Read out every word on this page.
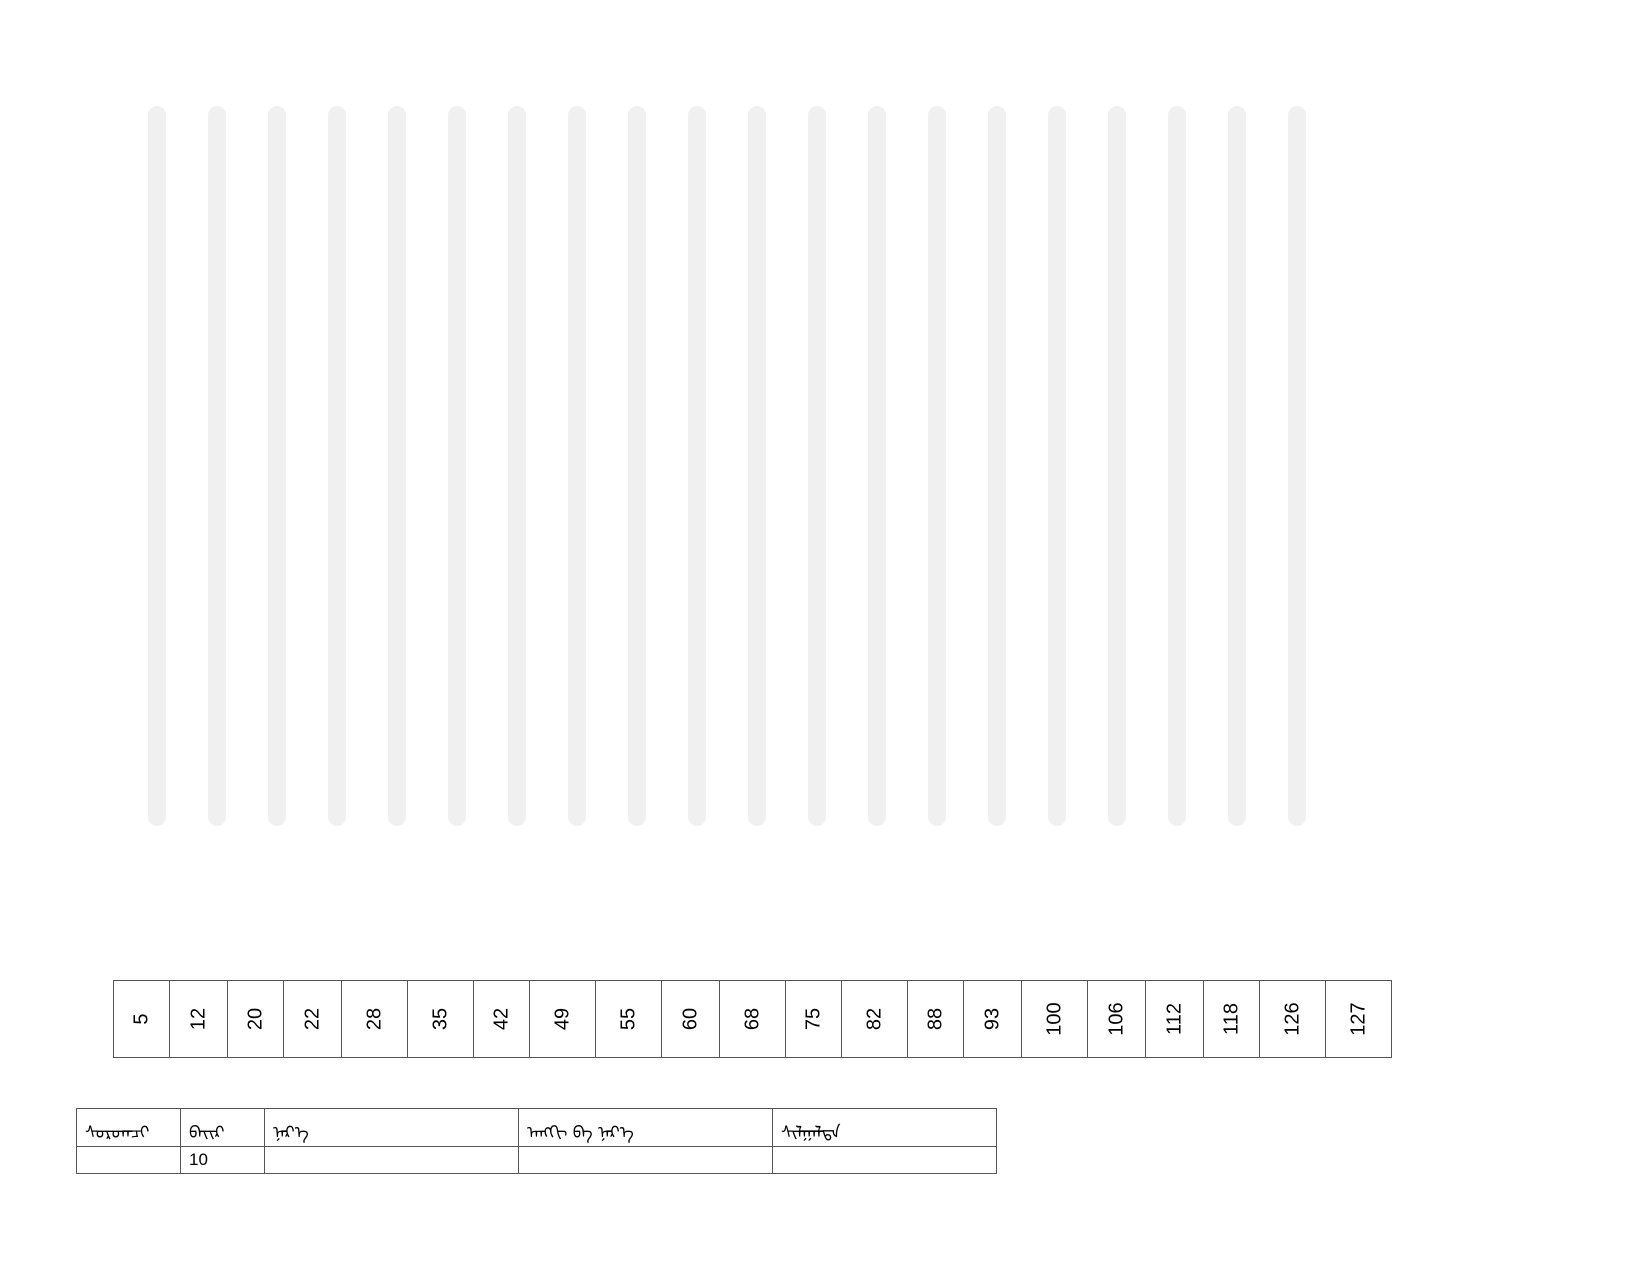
5	12	20	22	28	35	42	49	55	60	68	75	82	88	93	100	106	112	118	126	127
ᠰᠤᠷᠤᠭᠴᠢ	ᠪᠠᠶ᠋ᠢᠷ	ᠨᠡᠷ᠎ᠡ	ᠠᠩᠭᠢ ᠪᠠ ᠨᠡᠷ᠎ᠡ	ᠰᠢᠯᠭᠠᠯᠲᠠ
	10			
